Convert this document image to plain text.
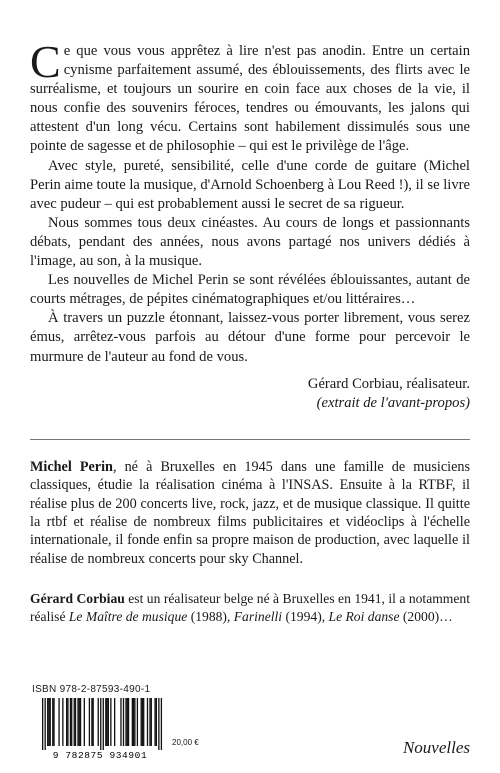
Ce que vous vous apprêtez à lire n'est pas anodin. Entre un certain cynisme parfaitement assumé, des éblouissements, des flirts avec le surréalisme, et toujours un sourire en coin face aux choses de la vie, il nous confie des souvenirs féroces, tendres ou émouvants, les jalons qui attestent d'un long vécu. Certains sont habilement dissimulés sous une pointe de sagesse et de philosophie – qui est le privilège de l'âge.

Avec style, pureté, sensibilité, celle d'une corde de guitare (Michel Perin aime toute la musique, d'Arnold Schoenberg à Lou Reed !), il se livre avec pudeur – qui est probablement aussi le secret de sa rigueur.

Nous sommes tous deux cinéastes. Au cours de longs et passionnants débats, pendant des années, nous avons partagé nos univers dédiés à l'image, au son, à la musique.

Les nouvelles de Michel Perin se sont révélées éblouissantes, autant de courts métrages, de pépites cinématographiques et/ou littéraires…

À travers un puzzle étonnant, laissez-vous porter librement, vous serez émus, arrêtez-vous parfois au détour d'une forme pour percevoir le murmure de l'auteur au fond de vous.

Gérard Corbiau, réalisateur.
(extrait de l'avant-propos)

Michel Perin, né à Bruxelles en 1945 dans une famille de musiciens classiques, étudie la réalisation cinéma à l'INSAS. Ensuite à la RTBF, il réalise plus de 200 concerts live, rock, jazz, et de musique classique. Il quitte la rtbf et réalise de nombreux films publicitaires et vidéoclips à l'échelle internationale, il fonde enfin sa propre maison de production, avec laquelle il réalise de nombreux concerts pour sky Channel.

Gérard Corbiau est un réalisateur belge né à Bruxelles en 1941, il a notamment réalisé Le Maître de musique (1988), Farinelli (1994), Le Roi danse (2000)…

ISBN 978-2-87593-490-1
9 782875 934901
20,00 €	Nouvelles
